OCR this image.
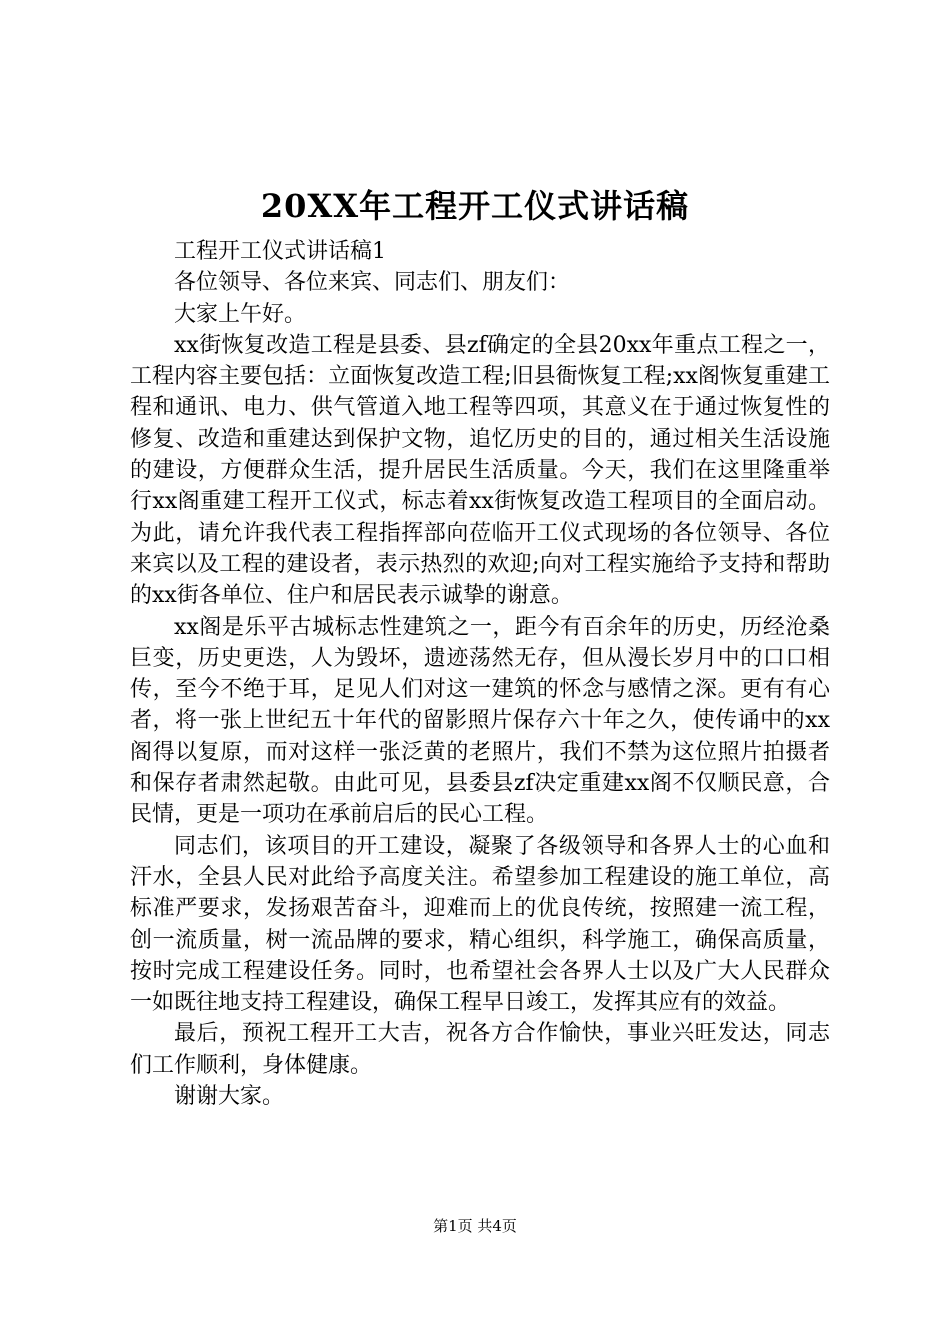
20XX年工程开工仪式讲话稿

工程开工仪式讲话稿1

各位领导、各位来宾、同志们、朋友们：

大家上午好。

xx街恢复改造工程是县委、县zf确定的全县20xx年重点工程之一，工程内容主要包括：立面恢复改造工程;旧县衙恢复工程;xx阁恢复重建工程和通讯、电力、供气管道入地工程等四项，其意义在于通过恢复性的修复、改造和重建达到保护文物，追忆历史的目的，通过相关生活设施的建设，方便群众生活，提升居民生活质量。今天，我们在这里隆重举行xx阁重建工程开工仪式，标志着xx街恢复改造工程项目的全面启动。为此，请允许我代表工程指挥部向莅临开工仪式现场的各位领导、各位来宾以及工程的建设者，表示热烈的欢迎;向对工程实施给予支持和帮助的xx街各单位、住户和居民表示诚挚的谢意。

xx阁是乐平古城标志性建筑之一，距今有百余年的历史，历经沧桑巨变，历史更迭，人为毁坏，遗迹荡然无存，但从漫长岁月中的口口相传，至今不绝于耳，足见人们对这一建筑的怀念与感情之深。更有有心者，将一张上世纪五十年代的留影照片保存六十年之久，使传诵中的xx阁得以复原，而对这样一张泛黄的老照片，我们不禁为这位照片拍摄者和保存者肃然起敬。由此可见，县委县zf决定重建xx阁不仅顺民意，合民情，更是一项功在承前启后的民心工程。

同志们，该项目的开工建设，凝聚了各级领导和各界人士的心血和汗水，全县人民对此给予高度关注。希望参加工程建设的施工单位，高标准严要求，发扬艰苦奋斗，迎难而上的优良传统，按照建一流工程，创一流质量，树一流品牌的要求，精心组织，科学施工，确保高质量，按时完成工程建设任务。同时，也希望社会各界人士以及广大人民群众一如既往地支持工程建设，确保工程早日竣工，发挥其应有的效益。

最后，预祝工程开工大吉，祝各方合作愉快，事业兴旺发达，同志们工作顺利，身体健康。

谢谢大家。

第1页 共4页
